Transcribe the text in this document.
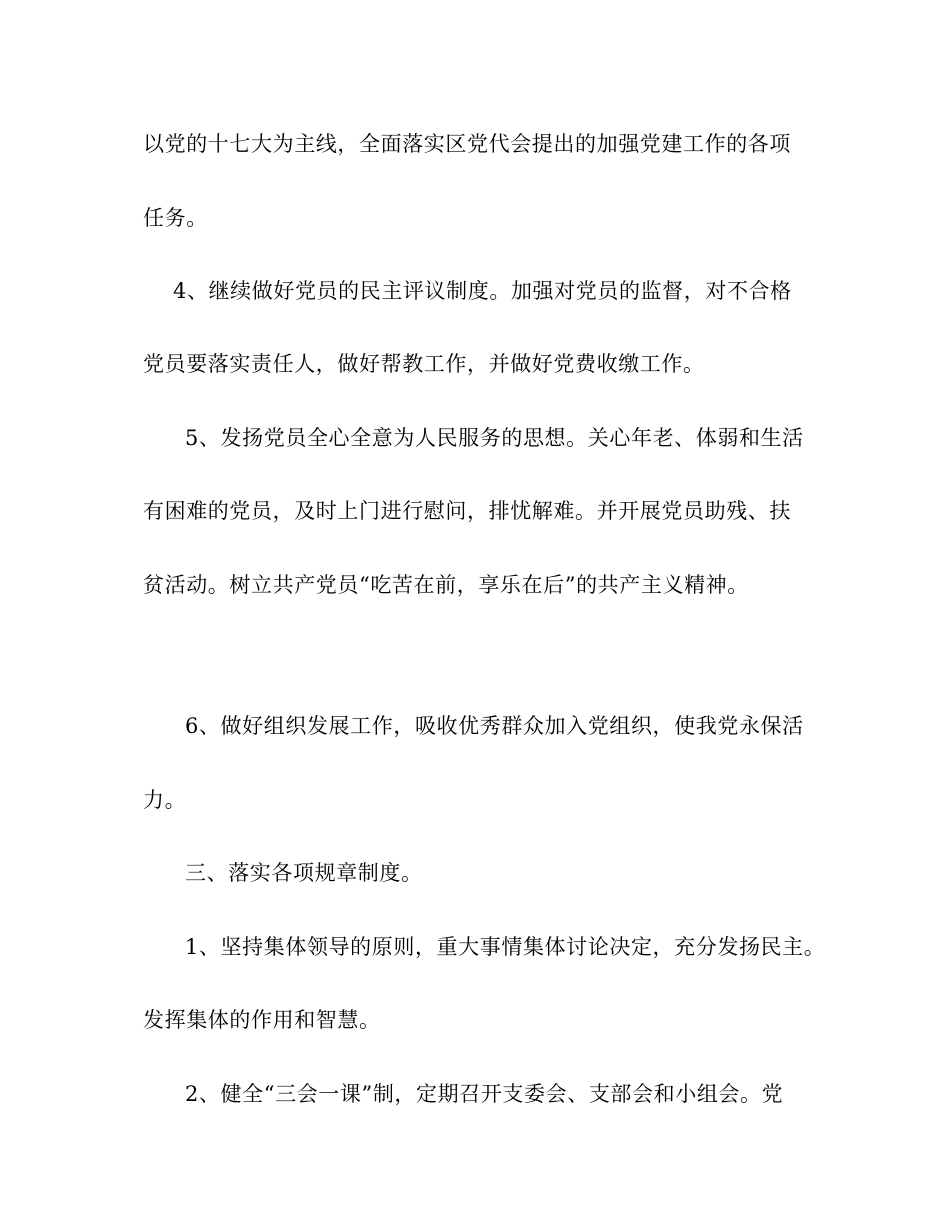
以党的十七大为主线，全面落实区党代会提出的加强党建工作的各项
任务。
4、继续做好党员的民主评议制度。加强对党员的监督，对不合格
党员要落实责任人，做好帮教工作，并做好党费收缴工作。
5、发扬党员全心全意为人民服务的思想。关心年老、体弱和生活
有困难的党员，及时上门进行慰问，排忧解难。并开展党员助残、扶
贫活动。树立共产党员“吃苦在前，享乐在后”的共产主义精神。
6、做好组织发展工作，吸收优秀群众加入党组织，使我党永保活
力。
三、落实各项规章制度。
1、坚持集体领导的原则，重大事情集体讨论决定，充分发扬民主。
发挥集体的作用和智慧。
2、健全“三会一课”制，定期召开支委会、支部会和小组会。党
